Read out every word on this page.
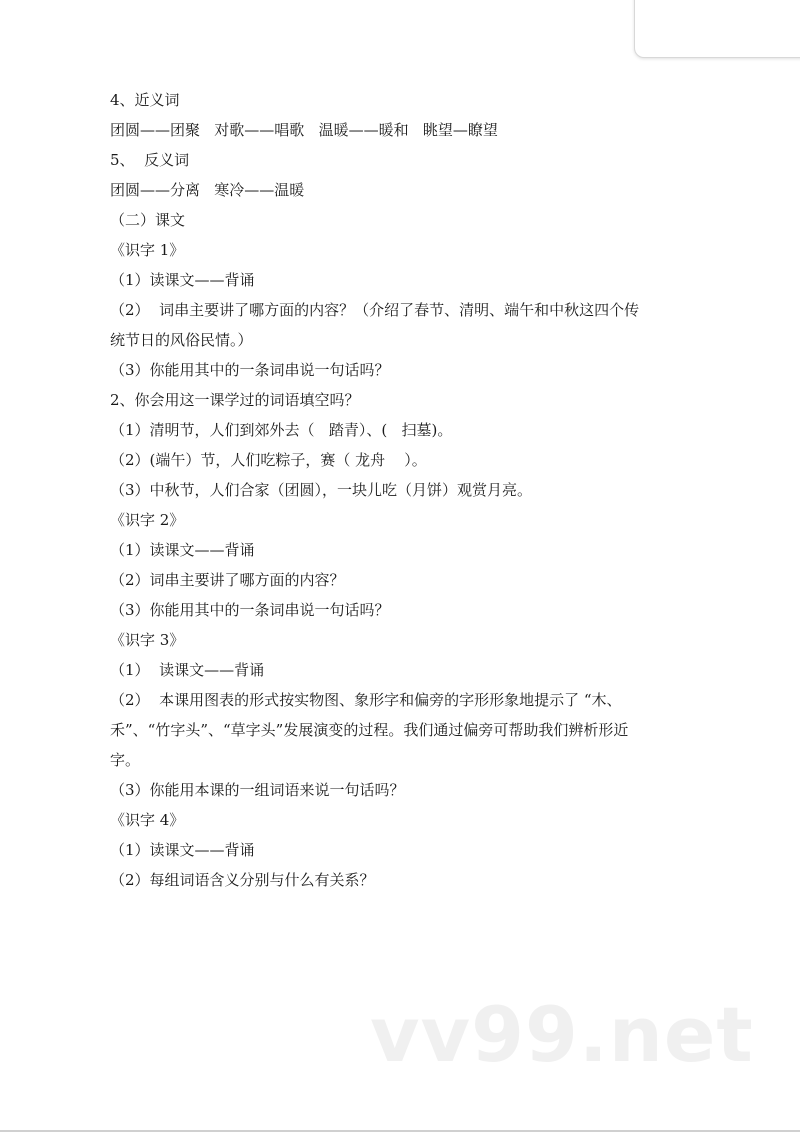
4、近义词

团圆——团聚   对歌——唱歌   温暖——暖和   眺望—瞭望

5、  反义词

团圆——分离   寒冷——温暖

（二）课文

《识字 1》

（1）读课文——背诵

（2）  词串主要讲了哪方面的内容？（介绍了春节、清明、端午和中秋这四个传

统节日的风俗民情。）

（3）你能用其中的一条词串说一句话吗？

2、你会用这一课学过的词语填空吗？

（1）清明节，人们到郊外去（   踏青）、(   扫墓)。

（2）(端午）节，人们吃粽子，赛（ 龙舟    ）。

（3）中秋节，人们合家（团圆），一块儿吃（月饼）观赏月亮。

《识字 2》

（1）读课文——背诵

（2）词串主要讲了哪方面的内容？

（3）你能用其中的一条词串说一句话吗？

《识字 3》

（1）  读课文——背诵

（2）  本课用图表的形式按实物图、象形字和偏旁的字形形象地提示了 “木、

禾”、“竹字头”、“草字头”发展演变的过程。我们通过偏旁可帮助我们辨析形近

字。

（3）你能用本课的一组词语来说一句话吗？

《识字 4》

（1）读课文——背诵

（2）每组词语含义分别与什么有关系？

vv99.net
